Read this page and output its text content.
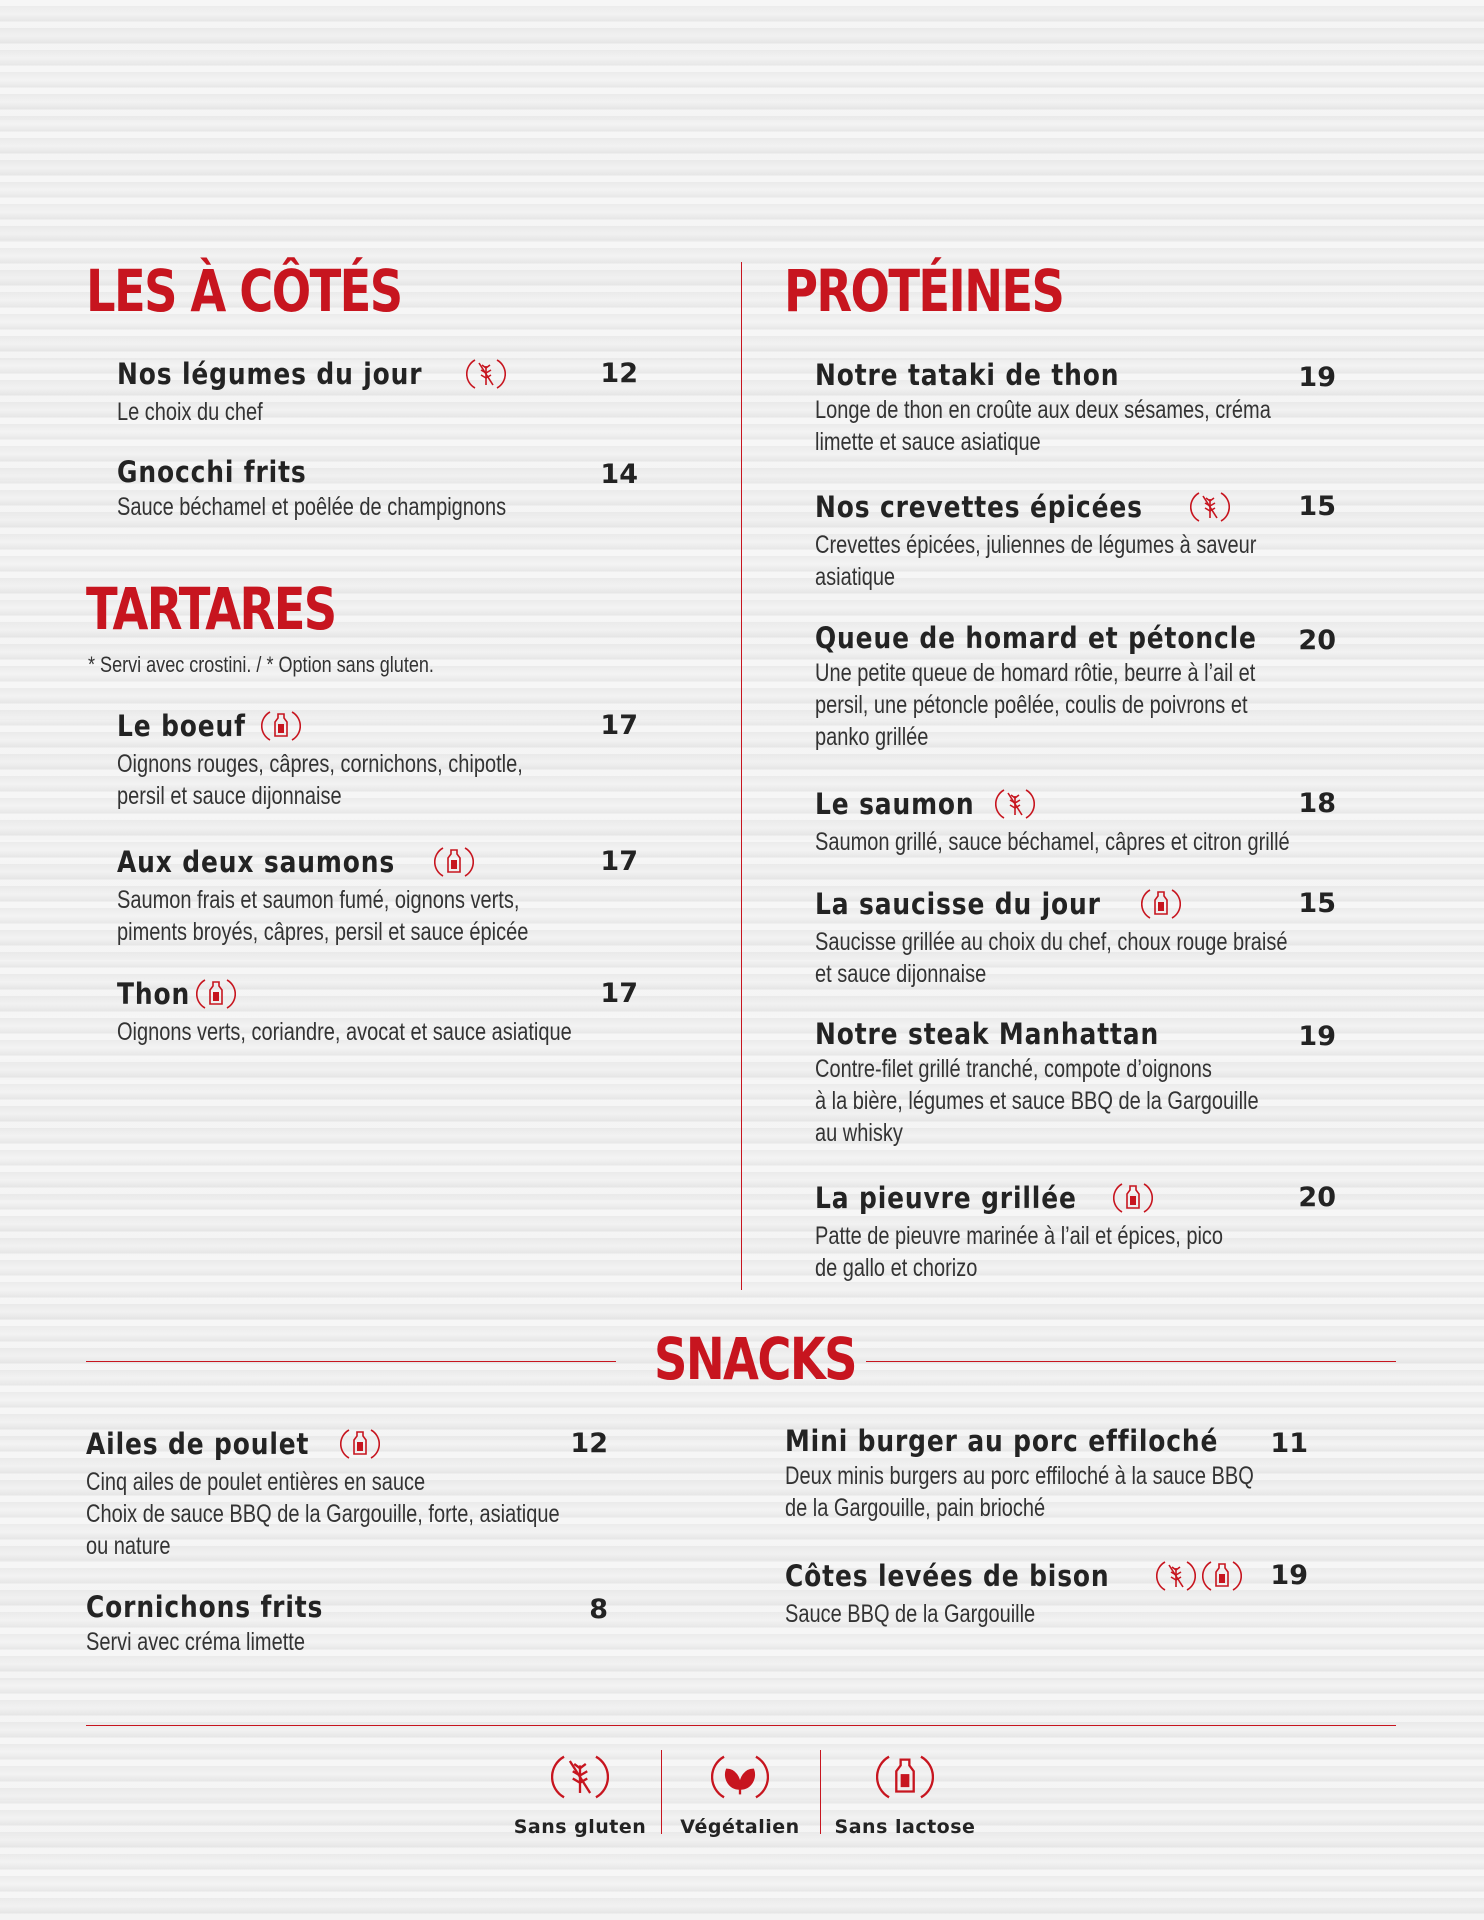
LES À CÔTÉS
TARTARES
* Servi avec crostini. / * Option sans gluten.
PROTÉINES
SNACKS
Nos légumes du jour
Le choix du chef
12
Gnocchi frits
Sauce béchamel et poêlée de champignons
14
Le boeuf
Oignons rouges, câpres, cornichons, chipotle,
persil et sauce dijonnaise
17
Aux deux saumons
Saumon frais et saumon fumé, oignons verts,
piments broyés, câpres, persil et sauce épicée
17
Thon
Oignons verts, coriandre, avocat et sauce asiatique
17
Notre tataki de thon
Longe de thon en croûte aux deux sésames, créma
limette et sauce asiatique
19
Nos crevettes épicées
Crevettes épicées, juliennes de légumes à saveur
asiatique
15
Queue de homard et pétoncle
Une petite queue de homard rôtie, beurre à l’ail et
persil, une pétoncle poêlée, coulis de poivrons et
panko grillée
20
Le saumon
Saumon grillé, sauce béchamel, câpres et citron grillé
18
La saucisse du jour
Saucisse grillée au choix du chef, choux rouge braisé
et sauce dijonnaise
15
Notre steak Manhattan
Contre-filet grillé tranché, compote d’oignons
à la bière, légumes et sauce BBQ de la Gargouille
au whisky
19
La pieuvre grillée
Patte de pieuvre marinée à l’ail et épices, pico
de gallo et chorizo
20
Ailes de poulet
Cinq ailes de poulet entières en sauce
Choix de sauce BBQ de la Gargouille, forte, asiatique
ou nature
12
Cornichons frits
Servi avec créma limette
8
Mini burger au porc effiloché
Deux minis burgers au porc effiloché à la sauce BBQ
de la Gargouille, pain brioché
11
Côtes levées de bison
Sauce BBQ de la Gargouille
19
Sans gluten	Végétalien	Sans lactose
